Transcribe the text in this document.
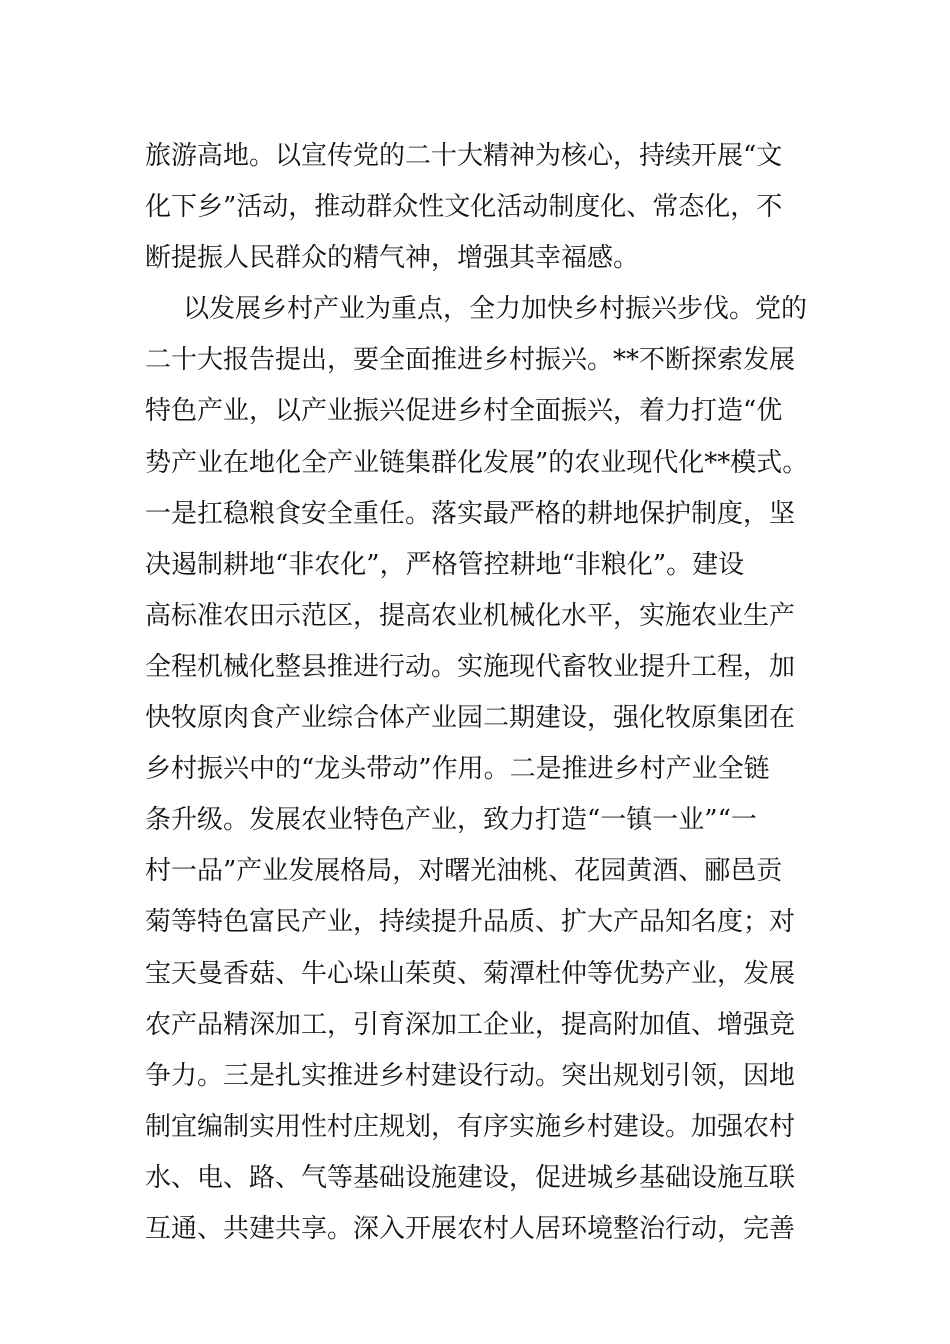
旅游高地。以宣传党的二十大精神为核心，持续开展“文
化下乡”活动，推动群众性文化活动制度化、常态化，不
断提振人民群众的精气神，增强其幸福感。
以发展乡村产业为重点，全力加快乡村振兴步伐。党的
二十大报告提出，要全面推进乡村振兴。**不断探索发展
特色产业，以产业振兴促进乡村全面振兴，着力打造“优
势产业在地化全产业链集群化发展”的农业现代化**模式。
一是扛稳粮食安全重任。落实最严格的耕地保护制度，坚
决遏制耕地“非农化”，严格管控耕地“非粮化”。建设
高标准农田示范区，提高农业机械化水平，实施农业生产
全程机械化整县推进行动。实施现代畜牧业提升工程，加
快牧原肉食产业综合体产业园二期建设，强化牧原集团在
乡村振兴中的“龙头带动”作用。二是推进乡村产业全链
条升级。发展农业特色产业，致力打造“一镇一业”“一
村一品”产业发展格局，对曙光油桃、花园黄酒、郦邑贡
菊等特色富民产业，持续提升品质、扩大产品知名度；对
宝天曼香菇、牛心垛山茱萸、菊潭杜仲等优势产业，发展
农产品精深加工，引育深加工企业，提高附加值、增强竞
争力。三是扎实推进乡村建设行动。突出规划引领，因地
制宜编制实用性村庄规划，有序实施乡村建设。加强农村
水、电、路、气等基础设施建设，促进城乡基础设施互联
互通、共建共享。深入开展农村人居环境整治行动，完善
